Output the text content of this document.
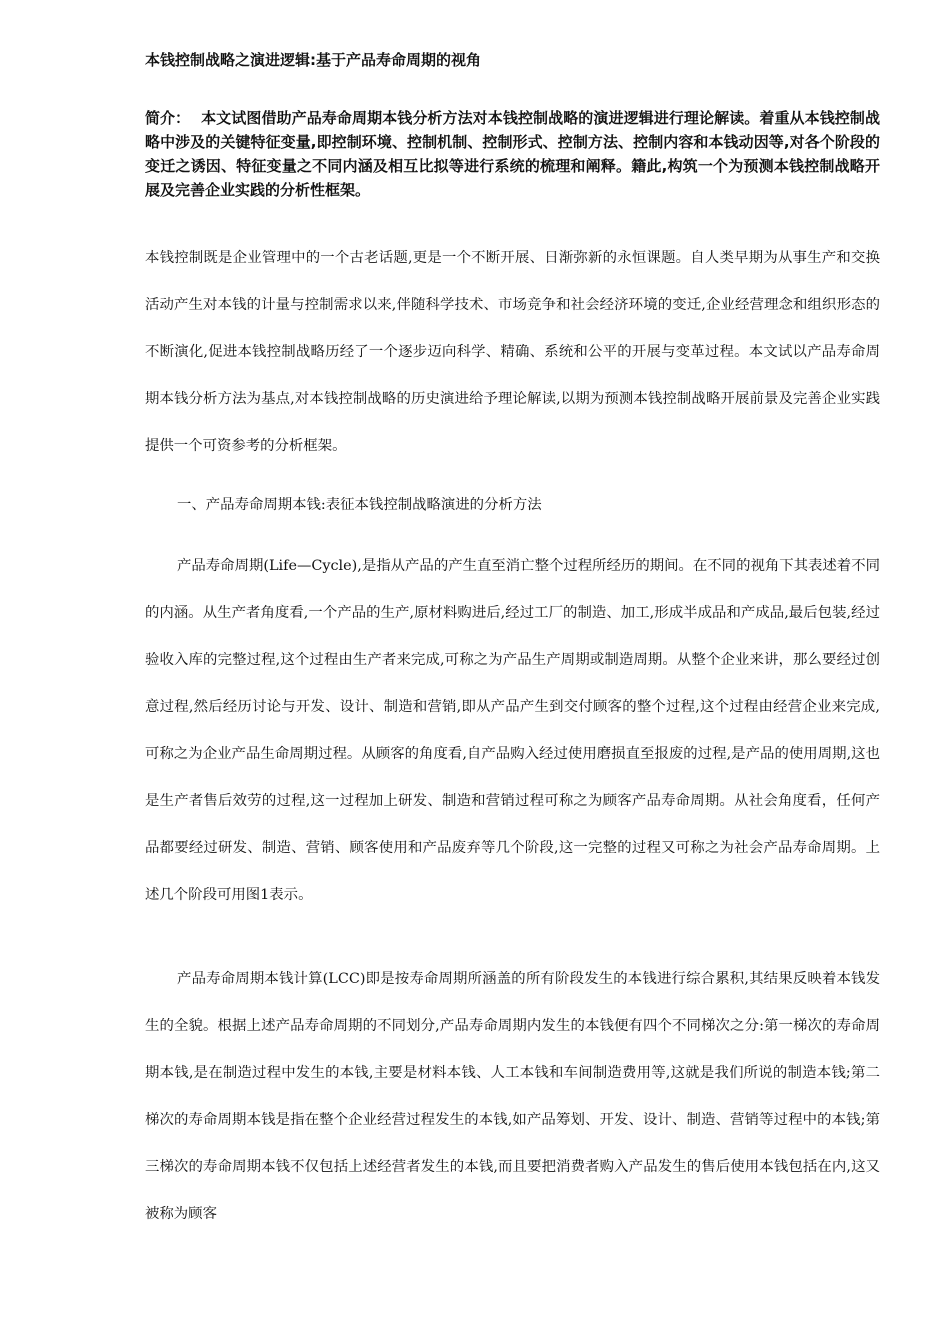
本钱控制战略之演进逻辑:基于产品寿命周期的视角
简介： 本文试图借助产品寿命周期本钱分析方法对本钱控制战略的演进逻辑进行理论解读。着重从本钱控制战略中涉及的关键特征变量,即控制环境、控制机制、控制形式、控制方法、控制内容和本钱动因等,对各个阶段的变迁之诱因、特征变量之不同内涵及相互比拟等进行系统的梳理和阐释。籍此,构筑一个为预测本钱控制战略开展及完善企业实践的分析性框架。
本钱控制既是企业管理中的一个古老话题,更是一个不断开展、日渐弥新的永恒课题。自人类早期为从事生产和交换活动产生对本钱的计量与控制需求以来,伴随科学技术、市场竞争和社会经济环境的变迁,企业经营理念和组织形态的不断演化,促进本钱控制战略历经了一个逐步迈向科学、精确、系统和公平的开展与变革过程。本文试以产品寿命周期本钱分析方法为基点,对本钱控制战略的历史演进给予理论解读,以期为预测本钱控制战略开展前景及完善企业实践提供一个可资参考的分析框架。
一、产品寿命周期本钱:表征本钱控制战略演进的分析方法
产品寿命周期(Life—Cycle),是指从产品的产生直至消亡整个过程所经历的期间。在不同的视角下其表述着不同的内涵。从生产者角度看,一个产品的生产,原材料购进后,经过工厂的制造、加工,形成半成品和产成品,最后包装,经过验收入库的完整过程,这个过程由生产者来完成,可称之为产品生产周期或制造周期。从整个企业来讲，那么要经过创意过程,然后经历讨论与开发、设计、制造和营销,即从产品产生到交付顾客的整个过程,这个过程由经营企业来完成,可称之为企业产品生命周期过程。从顾客的角度看,自产品购入经过使用磨损直至报废的过程,是产品的使用周期,这也是生产者售后效劳的过程,这一过程加上研发、制造和营销过程可称之为顾客产品寿命周期。从社会角度看，任何产品都要经过研发、制造、营销、顾客使用和产品废弃等几个阶段,这一完整的过程又可称之为社会产品寿命周期。上述几个阶段可用图1表示。
产品寿命周期本钱计算(LCC)即是按寿命周期所涵盖的所有阶段发生的本钱进行综合累积,其结果反映着本钱发生的全貌。根据上述产品寿命周期的不同划分,产品寿命周期内发生的本钱便有四个不同梯次之分:第一梯次的寿命周期本钱,是在制造过程中发生的本钱,主要是材料本钱、人工本钱和车间制造费用等,这就是我们所说的制造本钱;第二梯次的寿命周期本钱是指在整个企业经营过程发生的本钱,如产品筹划、开发、设计、制造、营销等过程中的本钱;第三梯次的寿命周期本钱不仅包括上述经营者发生的本钱,而且要把消费者购入产品发生的售后使用本钱包括在内,这又被称为顾客
